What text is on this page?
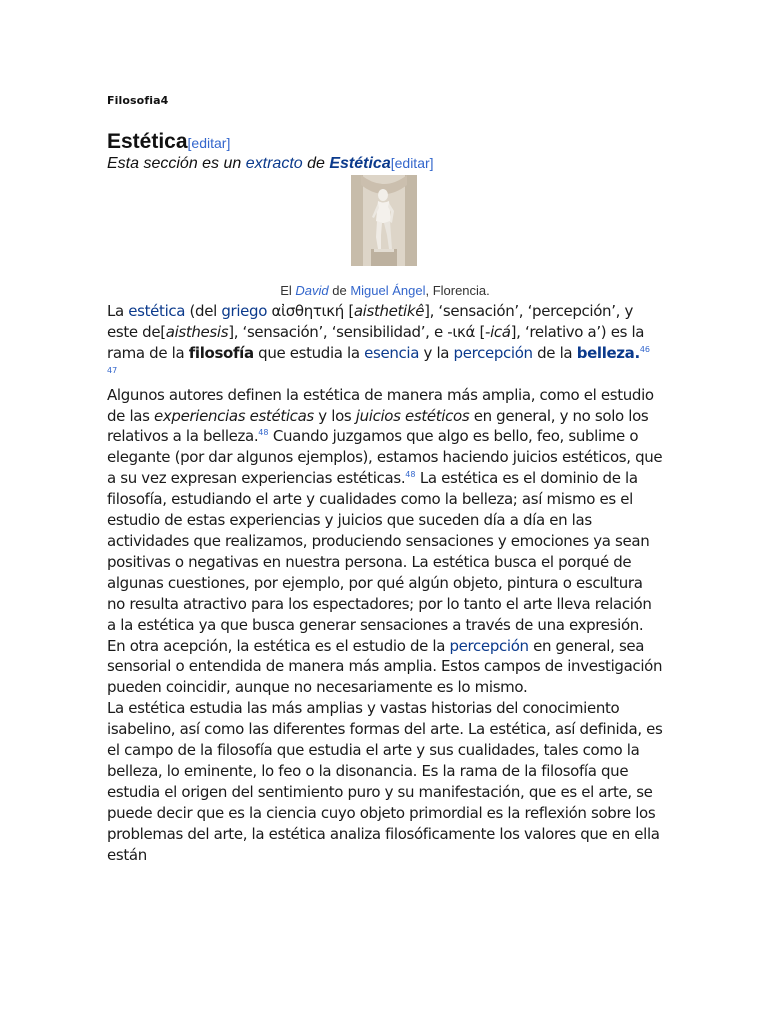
Filosofia4
Estética[editar]
Esta sección es un extracto de Estética[editar]
El David de Miguel Ángel, Florencia.

La estética (del griego αἰσθητική [aisthetikê], ‘sensación’, ‘percepción’, y este de[aisthesis], ‘sensación’, ‘sensibilidad’, e -ικά [-icá], ‘relativo a’) es la rama de la filosofía que estudia la esencia y la percepción de la belleza.$^{46}$ $^{47}$

Algunos autores definen la estética de manera más amplia, como el estudio de las experiencias estéticas y los juicios estéticos en general, y no solo los relativos a la belleza.$^{48}$ Cuando juzgamos que algo es bello, feo, sublime o elegante (por dar algunos ejemplos), estamos haciendo juicios estéticos, que a su vez expresan experiencias estéticas.$^{48}$ La estética es el dominio de la filosofía, estudiando el arte y cualidades como la belleza; así mismo es el estudio de estas experiencias y juicios que suceden día a día en las actividades que realizamos, produciendo sensaciones y emociones ya sean positivas o negativas en nuestra persona. La estética busca el porqué de algunas cuestiones, por ejemplo, por qué algún objeto, pintura o escultura no resulta atractivo para los espectadores; por lo tanto el arte lleva relación a la estética ya que busca generar sensaciones a través de una expresión.

En otra acepción, la estética es el estudio de la percepción en general, sea sensorial o entendida de manera más amplia. Estos campos de investigación pueden coincidir, aunque no necesariamente es lo mismo.

La estética estudia las más amplias y vastas historias del conocimiento isabelino, así como las diferentes formas del arte. La estética, así definida, es el campo de la filosofía que estudia el arte y sus cualidades, tales como la belleza, lo eminente, lo feo o la disonancia. Es la rama de la filosofía que estudia el origen del sentimiento puro y su manifestación, que es el arte, se puede decir que es la ciencia cuyo objeto primordial es la reflexión sobre los problemas del arte, la estética analiza filosóficamente los valores que en ella están
